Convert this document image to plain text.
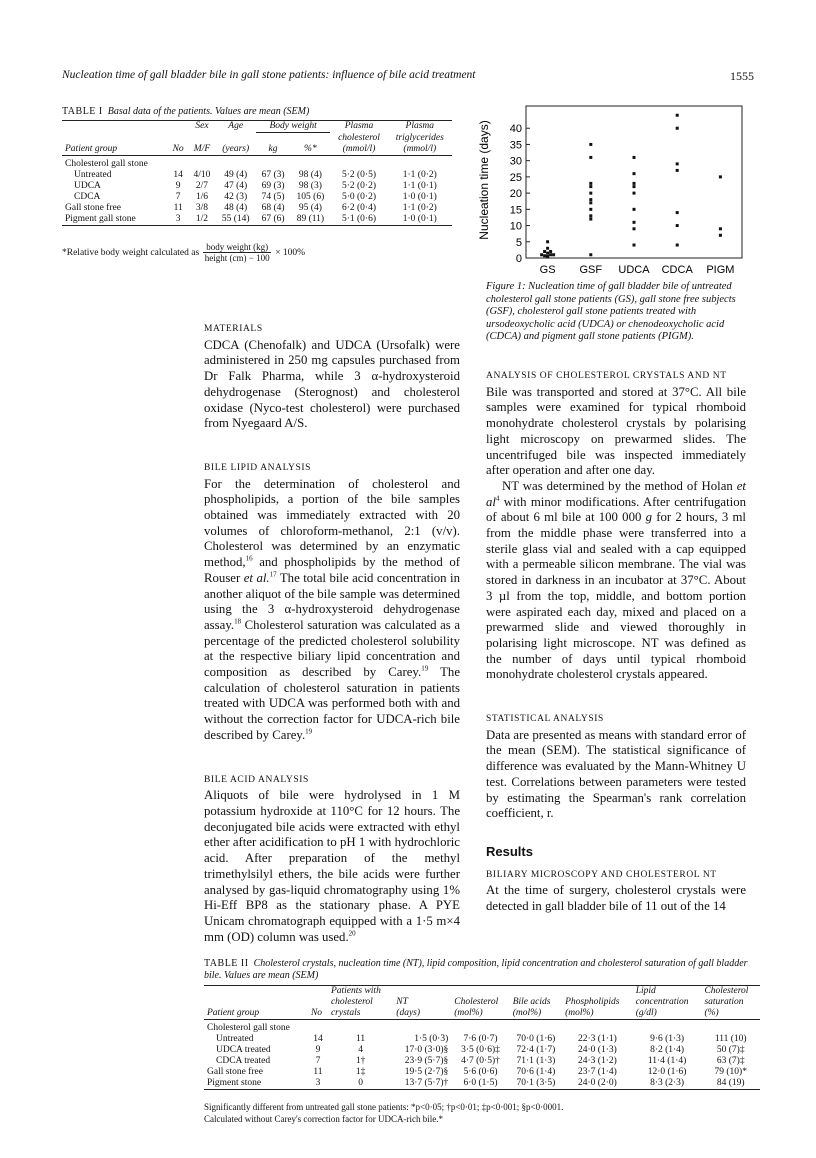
Nucleation time of gall bladder bile in gall stone patients: influence of bile acid treatment	1555
TABLE I Basal data of the patients. Values are mean (SEM)
		Sex	Age	Body weight		Plasma	Plasma
						cholesterol	triglycerides
Patient group	No	M/F	(years)	kg	%*	(mmol/l)	(mmol/l)
Cholesterol gall stone							
Untreated	14	4/10	49 (4)	67 (3)	98 (4)	5·2 (0·5)	1·1 (0·2)
UDCA	9	2/7	47 (4)	69 (3)	98 (3)	5·2 (0·2)	1·1 (0·1)
CDCA	7	1/6	42 (3)	74 (5)	105 (6)	5·0 (0·2)	1·0 (0·1)
Gall stone free	11	3/8	48 (4)	68 (4)	95 (4)	6·2 (0·4)	1·1 (0·2)
Pigment gall stone	3	1/2	55 (14)	67 (6)	89 (11)	5·1 (0·6)	1·0 (0·1)
*Relative body weight calculated as $\frac{\text{body weight (kg)}}{\text{height (cm) − 100}} \times 100\%$
Nucleation time (days)
0
5
10
15
20
25
30
35
40
GS GSF UDCA CDCA PIGM
Figure 1: Nucleation time of gall bladder bile of untreated cholesterol gall stone patients (GS), gall stone free subjects (GSF), cholesterol gall stone patients treated with ursodeoxycholic acid (UDCA) or chenodeoxycholic acid (CDCA) and pigment gall stone patients (PIGM).
MATERIALS
CDCA (Chenofalk) and UDCA (Ursofalk) were administered in 250 mg capsules purchased from Dr Falk Pharma, while 3 α-hydroxysteroid dehydrogenase (Sterognost) and cholesterol oxidase (Nyco-test cholesterol) were purchased from Nyegaard A/S.
BILE LIPID ANALYSIS
For the determination of cholesterol and phospholipids, a portion of the bile samples obtained was immediately extracted with 20 volumes of chloroform-methanol, 2:1 (v/v). Cholesterol was determined by an enzymatic method,$^{16}$ and phospholipids by the method of Rouser et al.$^{17}$ The total bile acid concentration in another aliquot of the bile sample was determined using the 3 α-hydroxysteroid dehydrogenase assay.$^{18}$ Cholesterol saturation was calculated as a percentage of the predicted cholesterol solubility at the respective biliary lipid concentration and composition as described by Carey.$^{19}$ The calculation of cholesterol saturation in patients treated with UDCA was performed both with and without the correction factor for UDCA-rich bile described by Carey.$^{19}$
BILE ACID ANALYSIS
Aliquots of bile were hydrolysed in 1 M potassium hydroxide at 110°C for 12 hours. The deconjugated bile acids were extracted with ethyl ether after acidification to pH 1 with hydrochloric acid. After preparation of the methyl trimethylsilyl ethers, the bile acids were further analysed by gas-liquid chromatography using 1% Hi-Eff BP8 as the stationary phase. A PYE Unicam chromatograph equipped with a 1·5 m×4 mm (OD) column was used.$^{20}$
ANALYSIS OF CHOLESTEROL CRYSTALS AND NT
Bile was transported and stored at 37°C. All bile samples were examined for typical rhomboid monohydrate cholesterol crystals by polarising light microscopy on prewarmed slides. The uncentrifuged bile was inspected immediately after operation and after one day.
NT was determined by the method of Holan et $al^4$ with minor modifications. After centrifugation of about 6 ml bile at 100 000 g for 2 hours, 3 ml from the middle phase were transferred into a sterile glass vial and sealed with a cap equipped with a permeable silicon membrane. The vial was stored in darkness in an incubator at 37°C. About 3 µl from the top, middle, and bottom portion were aspirated each day, mixed and placed on a prewarmed slide and viewed thoroughly in polarising light microscope. NT was defined as the number of days until typical rhomboid monohydrate cholesterol crystals appeared.
STATISTICAL ANALYSIS
Data are presented as means with standard error of the mean (SEM). The statistical significance of difference was evaluated by the Mann-Whitney U test. Correlations between parameters were tested by estimating the Spearman's rank correlation coefficient, r.
Results
BILIARY MICROSCOPY AND CHOLESTEROL NT
At the time of surgery, cholesterol crystals were detected in gall bladder bile of 11 out of the 14
TABLE II Cholesterol crystals, nucleation time (NT), lipid composition, lipid concentration and cholesterol saturation of gall bladder bile. Values are mean (SEM)
		Patients with					Lipid	Cholesterol
		cholesterol	NT	Cholesterol	Bile acids	Phospholipids	concentration	saturation
Patient group	No	crystals	(days)	(mol%)	(mol%)	(mol%)	(g/dl)	(%)
Cholesterol gall stone								
Untreated	14	11	1·5 (0·3)	7·6 (0·7)	70·0 (1·6)	22·3 (1·1)	9·6 (1·3)	111 (10)
UDCA treated	9	4	17·0 (3·0)§	3·5 (0·6)‡	72·4 (1·7)	24·0 (1·3)	8·2 (1·4)	50 (7)‡
CDCA treated	7	1†	23·9 (5·7)§	4·7 (0·5)†	71·1 (1·3)	24·3 (1·2)	11·4 (1·4)	63 (7)‡
Gall stone free	11	1‡	19·5 (2·7)§	5·6 (0·6)	70·6 (1·4)	23·7 (1·4)	12·0 (1·6)	79 (10)*
Pigment stone	3	0	13·7 (5·7)†	6·0 (1·5)	70·1 (3·5)	24·0 (2·0)	8·3 (2·3)	84 (19)
Significantly different from untreated gall stone patients: *p<0·05; †p<0·01; ‡p<0·001; §p<0·0001.
Calculated without Carey's correction factor for UDCA-rich bile.*
